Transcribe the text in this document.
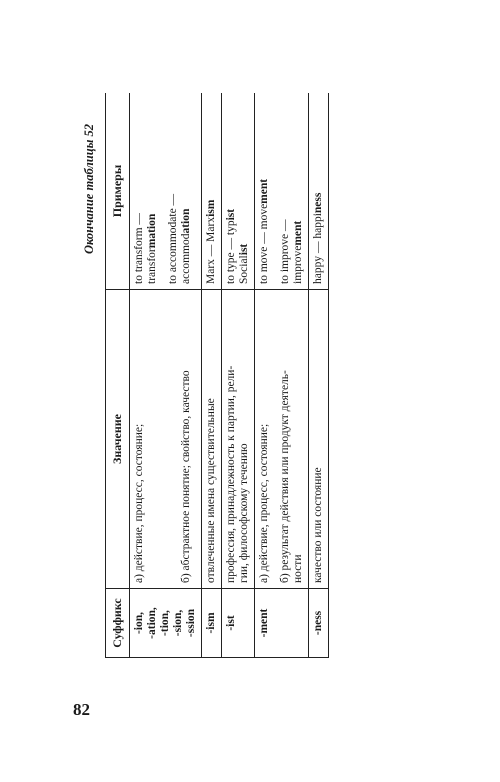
82
Окончание таблицы 52
Суффикс	Значение	Примеры

-ion, -ation, -tion, -sion, -ssion	а) действие, процесс, состояние; б) абстрактное понятие; свойство, качество	to transform — transformation to accommodate — accommodation

-ism	отвлеченные имена существительные	Marx — Marxism

-ist	профессия, принадлежность к партии, рели- гии, философскому течению	to type — typist
Socialist

-ment	а) действие, процесс, состояние; б) результат действия или продукт деятель- ности	to move — movement
to improve — improvement

-ness	качество или состояние	happy — happiness
